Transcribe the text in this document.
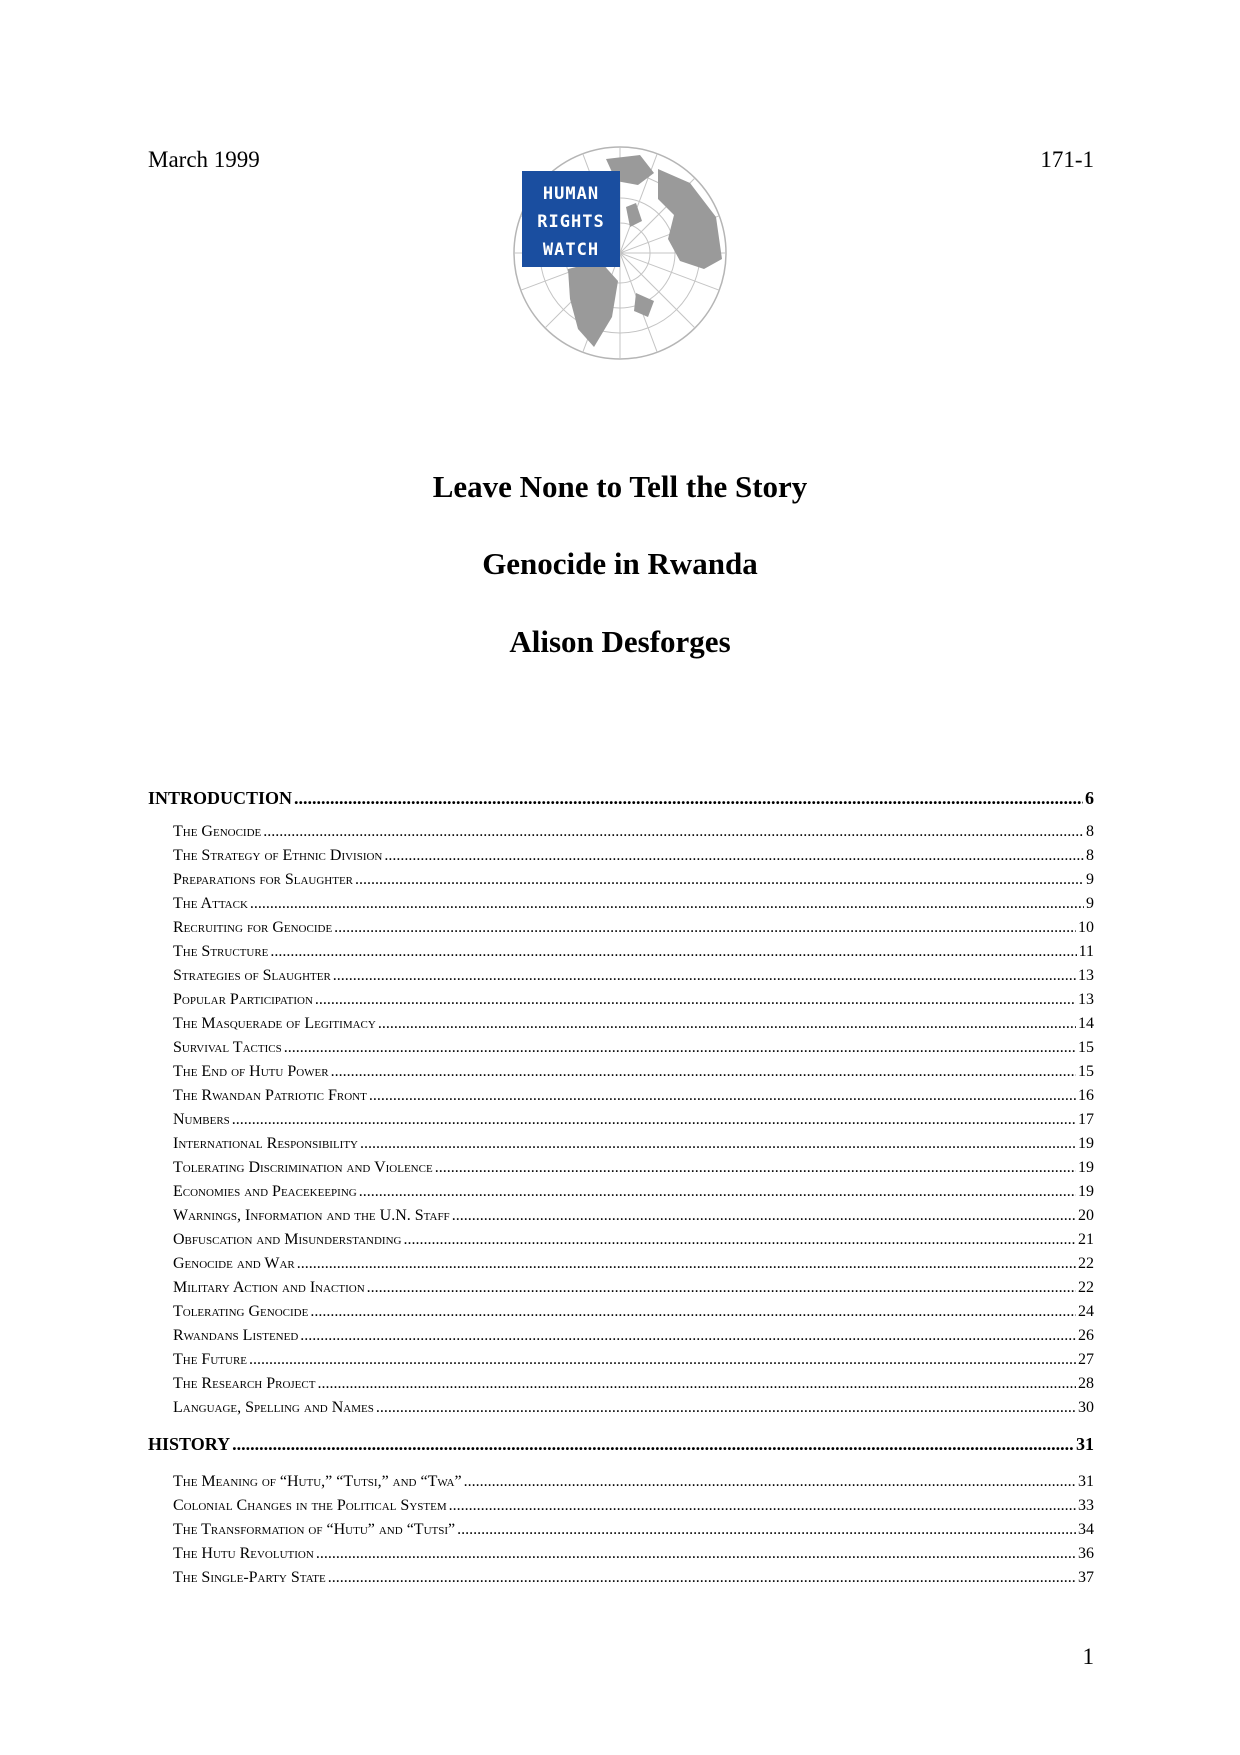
March 1999	171-1
HUMAN
RIGHTS
WATCH
Leave None to Tell the Story
Genocide in Rwanda
Alison Desforges
INTRODUCTION .....	6
The Genocide .....	8
The Strategy of Ethnic Division .....	8
Preparations for Slaughter .....	9
The Attack .....	9
Recruiting for Genocide .....	10
The Structure .....	11
Strategies of Slaughter .....	13
Popular Participation .....	13
The Masquerade of Legitimacy .....	14
Survival Tactics .....	15
The End of Hutu Power .....	15
The Rwandan Patriotic Front .....	16
Numbers .....	17
International Responsibility .....	19
Tolerating Discrimination and Violence .....	19
Economies and Peacekeeping .....	19
Warnings, Information and the U.N. Staff .....	20
Obfuscation and Misunderstanding .....	21
Genocide and War .....	22
Military Action and Inaction .....	22
Tolerating Genocide .....	24
Rwandans Listened .....	26
The Future .....	27
The Research Project .....	28
Language, Spelling and Names .....	30
HISTORY .....	31
The Meaning of “Hutu,” “Tutsi,” and “Twa” .....	31
Colonial Changes in the Political System .....	33
The Transformation of “Hutu” and “Tutsi” .....	34
The Hutu Revolution .....	36
The Single-Party State .....	37
1
